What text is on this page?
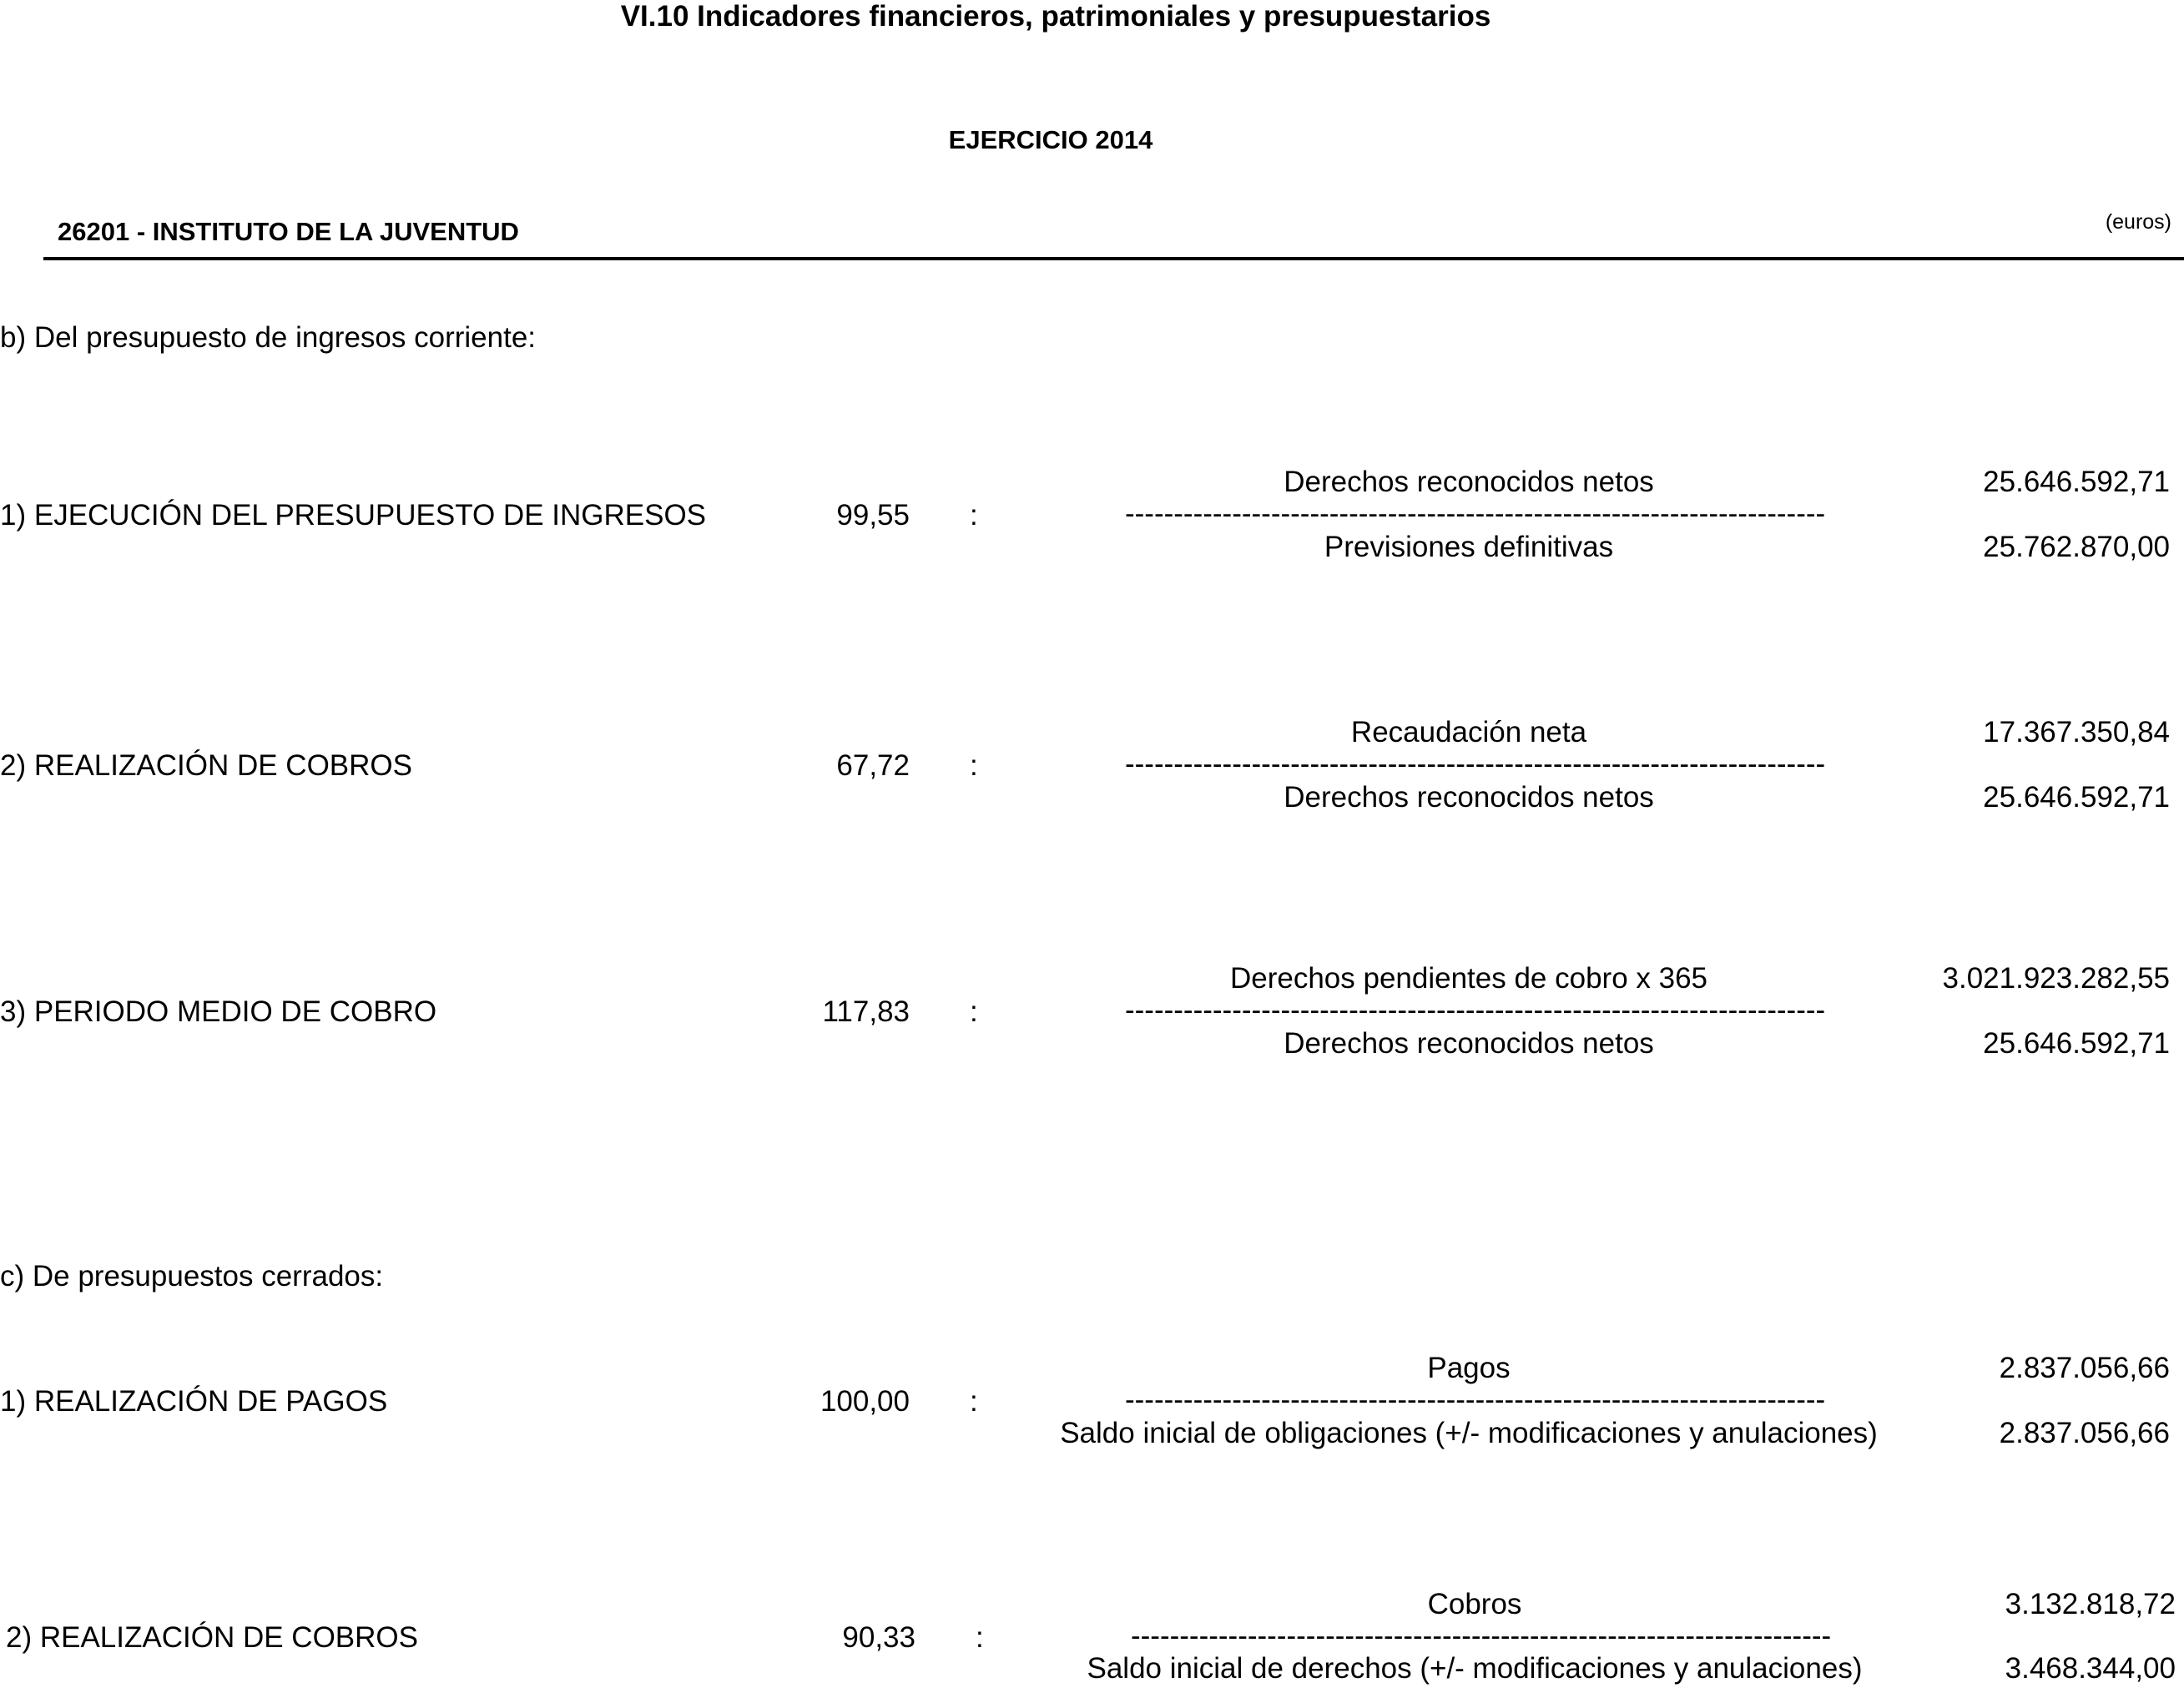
VI.10 Indicadores financieros, patrimoniales y presupuestarios
EJERCICIO 2014
26201 - INSTITUTO DE LA JUVENTUD	(euros)
b) Del presupuesto de ingresos corriente:
Derechos reconocidos netos	25.646.592,71
1) EJECUCIÓN DEL PRESUPUESTO DE INGRESOS	99,55 :	------------------------------------------------------------------------
Previsiones definitivas	25.762.870,00
Recaudación neta	17.367.350,84
2) REALIZACIÓN DE COBROS	67,72 :	------------------------------------------------------------------------
Derechos reconocidos netos	25.646.592,71
Derechos pendientes de cobro x 365	3.021.923.282,55
3) PERIODO MEDIO DE COBRO	117,83 :	------------------------------------------------------------------------
Derechos reconocidos netos	25.646.592,71
c) De presupuestos cerrados:
Pagos	2.837.056,66
1) REALIZACIÓN DE PAGOS	100,00 :	------------------------------------------------------------------------
Saldo inicial de obligaciones (+/- modificaciones y anulaciones)	2.837.056,66
Cobros	3.132.818,72
2) REALIZACIÓN DE COBROS	90,33 :	------------------------------------------------------------------------
Saldo inicial de derechos (+/- modificaciones y anulaciones)	3.468.344,00
